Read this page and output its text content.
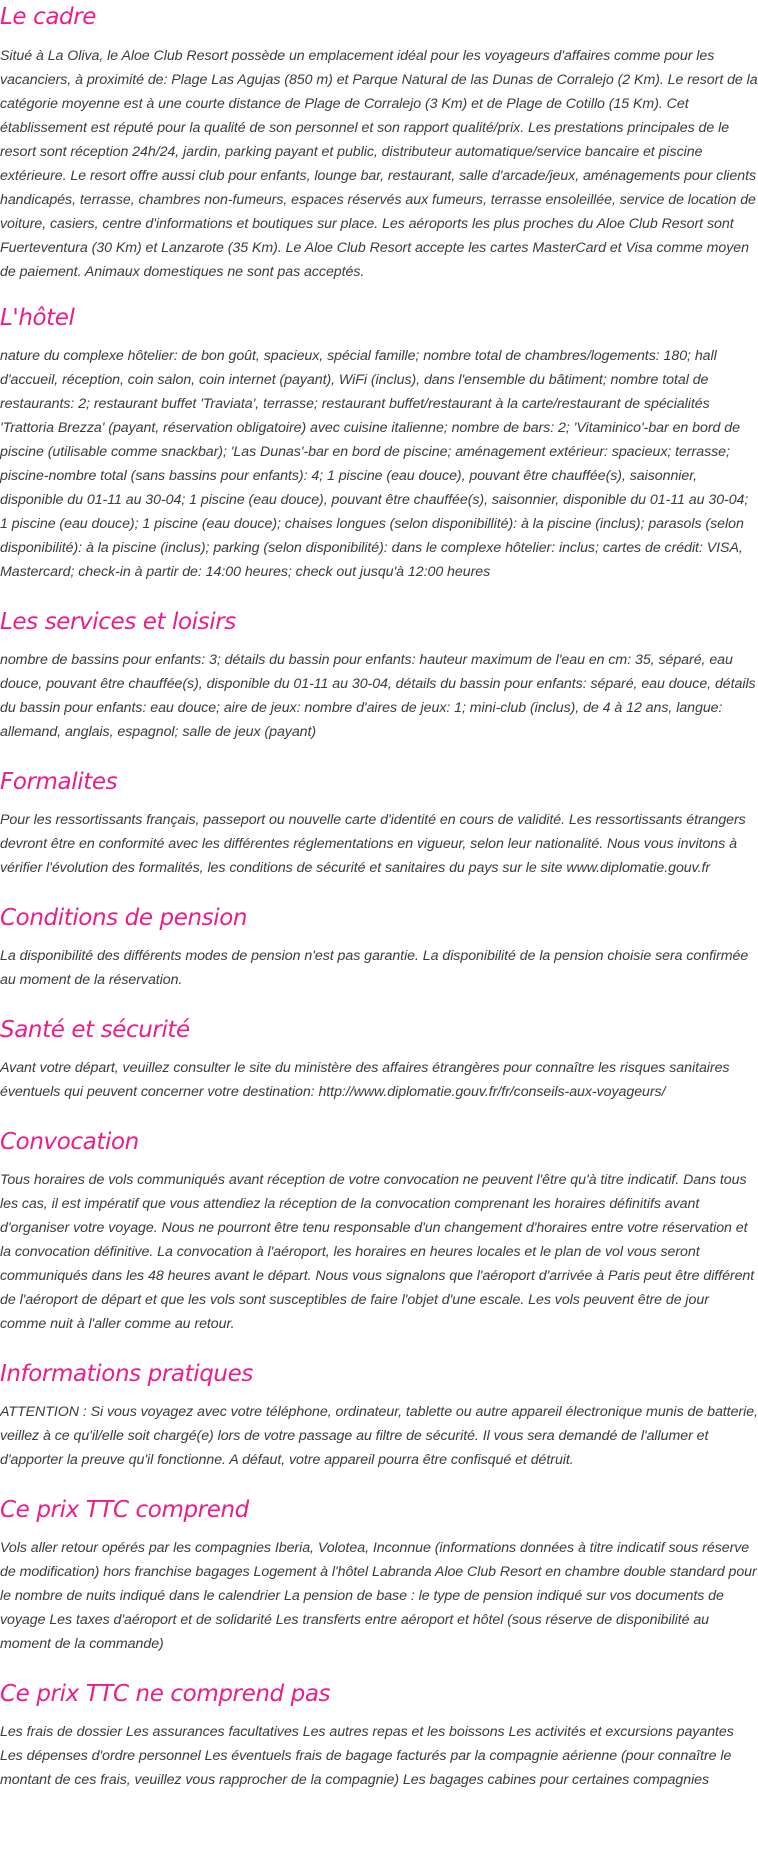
Le cadre

Situé à La Oliva, le Aloe Club Resort possède un emplacement idéal pour les voyageurs d'affaires comme pour les vacanciers, à proximité de: Plage Las Agujas (850 m) et Parque Natural de las Dunas de Corralejo (2 Km). Le resort de la catégorie moyenne est à une courte distance de Plage de Corralejo (3 Km) et de Plage de Cotillo (15 Km). Cet établissement est réputé pour la qualité de son personnel et son rapport qualité/prix. Les prestations principales de le resort sont réception 24h/24, jardin, parking payant et public, distributeur automatique/service bancaire et piscine extérieure. Le resort offre aussi club pour enfants, lounge bar, restaurant, salle d'arcade/jeux, aménagements pour clients handicapés, terrasse, chambres non-fumeurs, espaces réservés aux fumeurs, terrasse ensoleillée, service de location de voiture, casiers, centre d'informations et boutiques sur place. Les aéroports les plus proches du Aloe Club Resort sont Fuerteventura (30 Km) et Lanzarote (35 Km). Le Aloe Club Resort accepte les cartes MasterCard et Visa comme moyen de paiement. Animaux domestiques ne sont pas acceptés.

L'hôtel

nature du complexe hôtelier: de bon goût, spacieux, spécial famille; nombre total de chambres/logements: 180; hall d'accueil, réception, coin salon, coin internet (payant), WiFi (inclus), dans l'ensemble du bâtiment; nombre total de restaurants: 2; restaurant buffet 'Traviata', terrasse; restaurant buffet/restaurant à la carte/restaurant de spécialités 'Trattoria Brezza' (payant, réservation obligatoire) avec cuisine italienne; nombre de bars: 2; 'Vitaminico'-bar en bord de piscine (utilisable comme snackbar); 'Las Dunas'-bar en bord de piscine; aménagement extérieur: spacieux; terrasse; piscine-nombre total (sans bassins pour enfants): 4; 1 piscine (eau douce), pouvant être chauffée(s), saisonnier, disponible du 01-11 au 30-04; 1 piscine (eau douce), pouvant être chauffée(s), saisonnier, disponible du 01-11 au 30-04; 1 piscine (eau douce); 1 piscine (eau douce); chaises longues (selon disponibillité): à la piscine (inclus); parasols (selon disponibilité): à la piscine (inclus); parking (selon disponibilité): dans le complexe hôtelier: inclus; cartes de crédit: VISA, Mastercard; check-in à partir de: 14:00 heures; check out jusqu'à 12:00 heures

Les services et loisirs

nombre de bassins pour enfants: 3; détails du bassin pour enfants: hauteur maximum de l'eau en cm: 35, séparé, eau douce, pouvant être chauffée(s), disponible du 01-11 au 30-04, détails du bassin pour enfants: séparé, eau douce, détails du bassin pour enfants: eau douce; aire de jeux: nombre d'aires de jeux: 1; mini-club (inclus), de 4 à 12 ans, langue: allemand, anglais, espagnol; salle de jeux (payant)

Formalites

Pour les ressortissants français, passeport ou nouvelle carte d'identité en cours de validité. Les ressortissants étrangers devront être en conformité avec les différentes réglementations en vigueur, selon leur nationalité. Nous vous invitons à vérifier l'évolution des formalités, les conditions de sécurité et sanitaires du pays sur le site www.diplomatie.gouv.fr

Conditions de pension

La disponibilité des différents modes de pension n'est pas garantie. La disponibilité de la pension choisie sera confirmée au moment de la réservation.

Santé et sécurité

Avant votre départ, veuillez consulter le site du ministère des affaires étrangères pour connaître les risques sanitaires éventuels qui peuvent concerner votre destination: http://www.diplomatie.gouv.fr/fr/conseils-aux-voyageurs/

Convocation

Tous horaires de vols communiqués avant réception de votre convocation ne peuvent l'être qu'à titre indicatif. Dans tous les cas, il est impératif que vous attendiez la réception de la convocation comprenant les horaires définitifs avant d'organiser votre voyage. Nous ne pourront être tenu responsable d'un changement d'horaires entre votre réservation et la convocation définitive. La convocation à l'aéroport, les horaires en heures locales et le plan de vol vous seront communiqués dans les 48 heures avant le départ. Nous vous signalons que l'aéroport d'arrivée à Paris peut être différent de l'aéroport de départ et que les vols sont susceptibles de faire l'objet d'une escale. Les vols peuvent être de jour comme nuit à l'aller comme au retour.

Informations pratiques

ATTENTION : Si vous voyagez avec votre téléphone, ordinateur, tablette ou autre appareil électronique munis de batterie, veillez à ce qu'il/elle soit chargé(e) lors de votre passage au filtre de sécurité. Il vous sera demandé de l'allumer et d'apporter la preuve qu'il fonctionne. A défaut, votre appareil pourra être confisqué et détruit.

Ce prix TTC comprend

Vols aller retour opérés par les compagnies Iberia, Volotea, Inconnue (informations données à titre indicatif sous réserve de modification) hors franchise bagages Logement à l'hôtel Labranda Aloe Club Resort en chambre double standard pour le nombre de nuits indiqué dans le calendrier La pension de base : le type de pension indiqué sur vos documents de voyage Les taxes d'aéroport et de solidarité Les transferts entre aéroport et hôtel (sous réserve de disponibilité au moment de la commande)

Ce prix TTC ne comprend pas

Les frais de dossier Les assurances facultatives Les autres repas et les boissons Les activités et excursions payantes Les dépenses d'ordre personnel Les éventuels frais de bagage facturés par la compagnie aérienne (pour connaître le montant de ces frais, veuillez vous rapprocher de la compagnie) Les bagages cabines pour certaines compagnies
